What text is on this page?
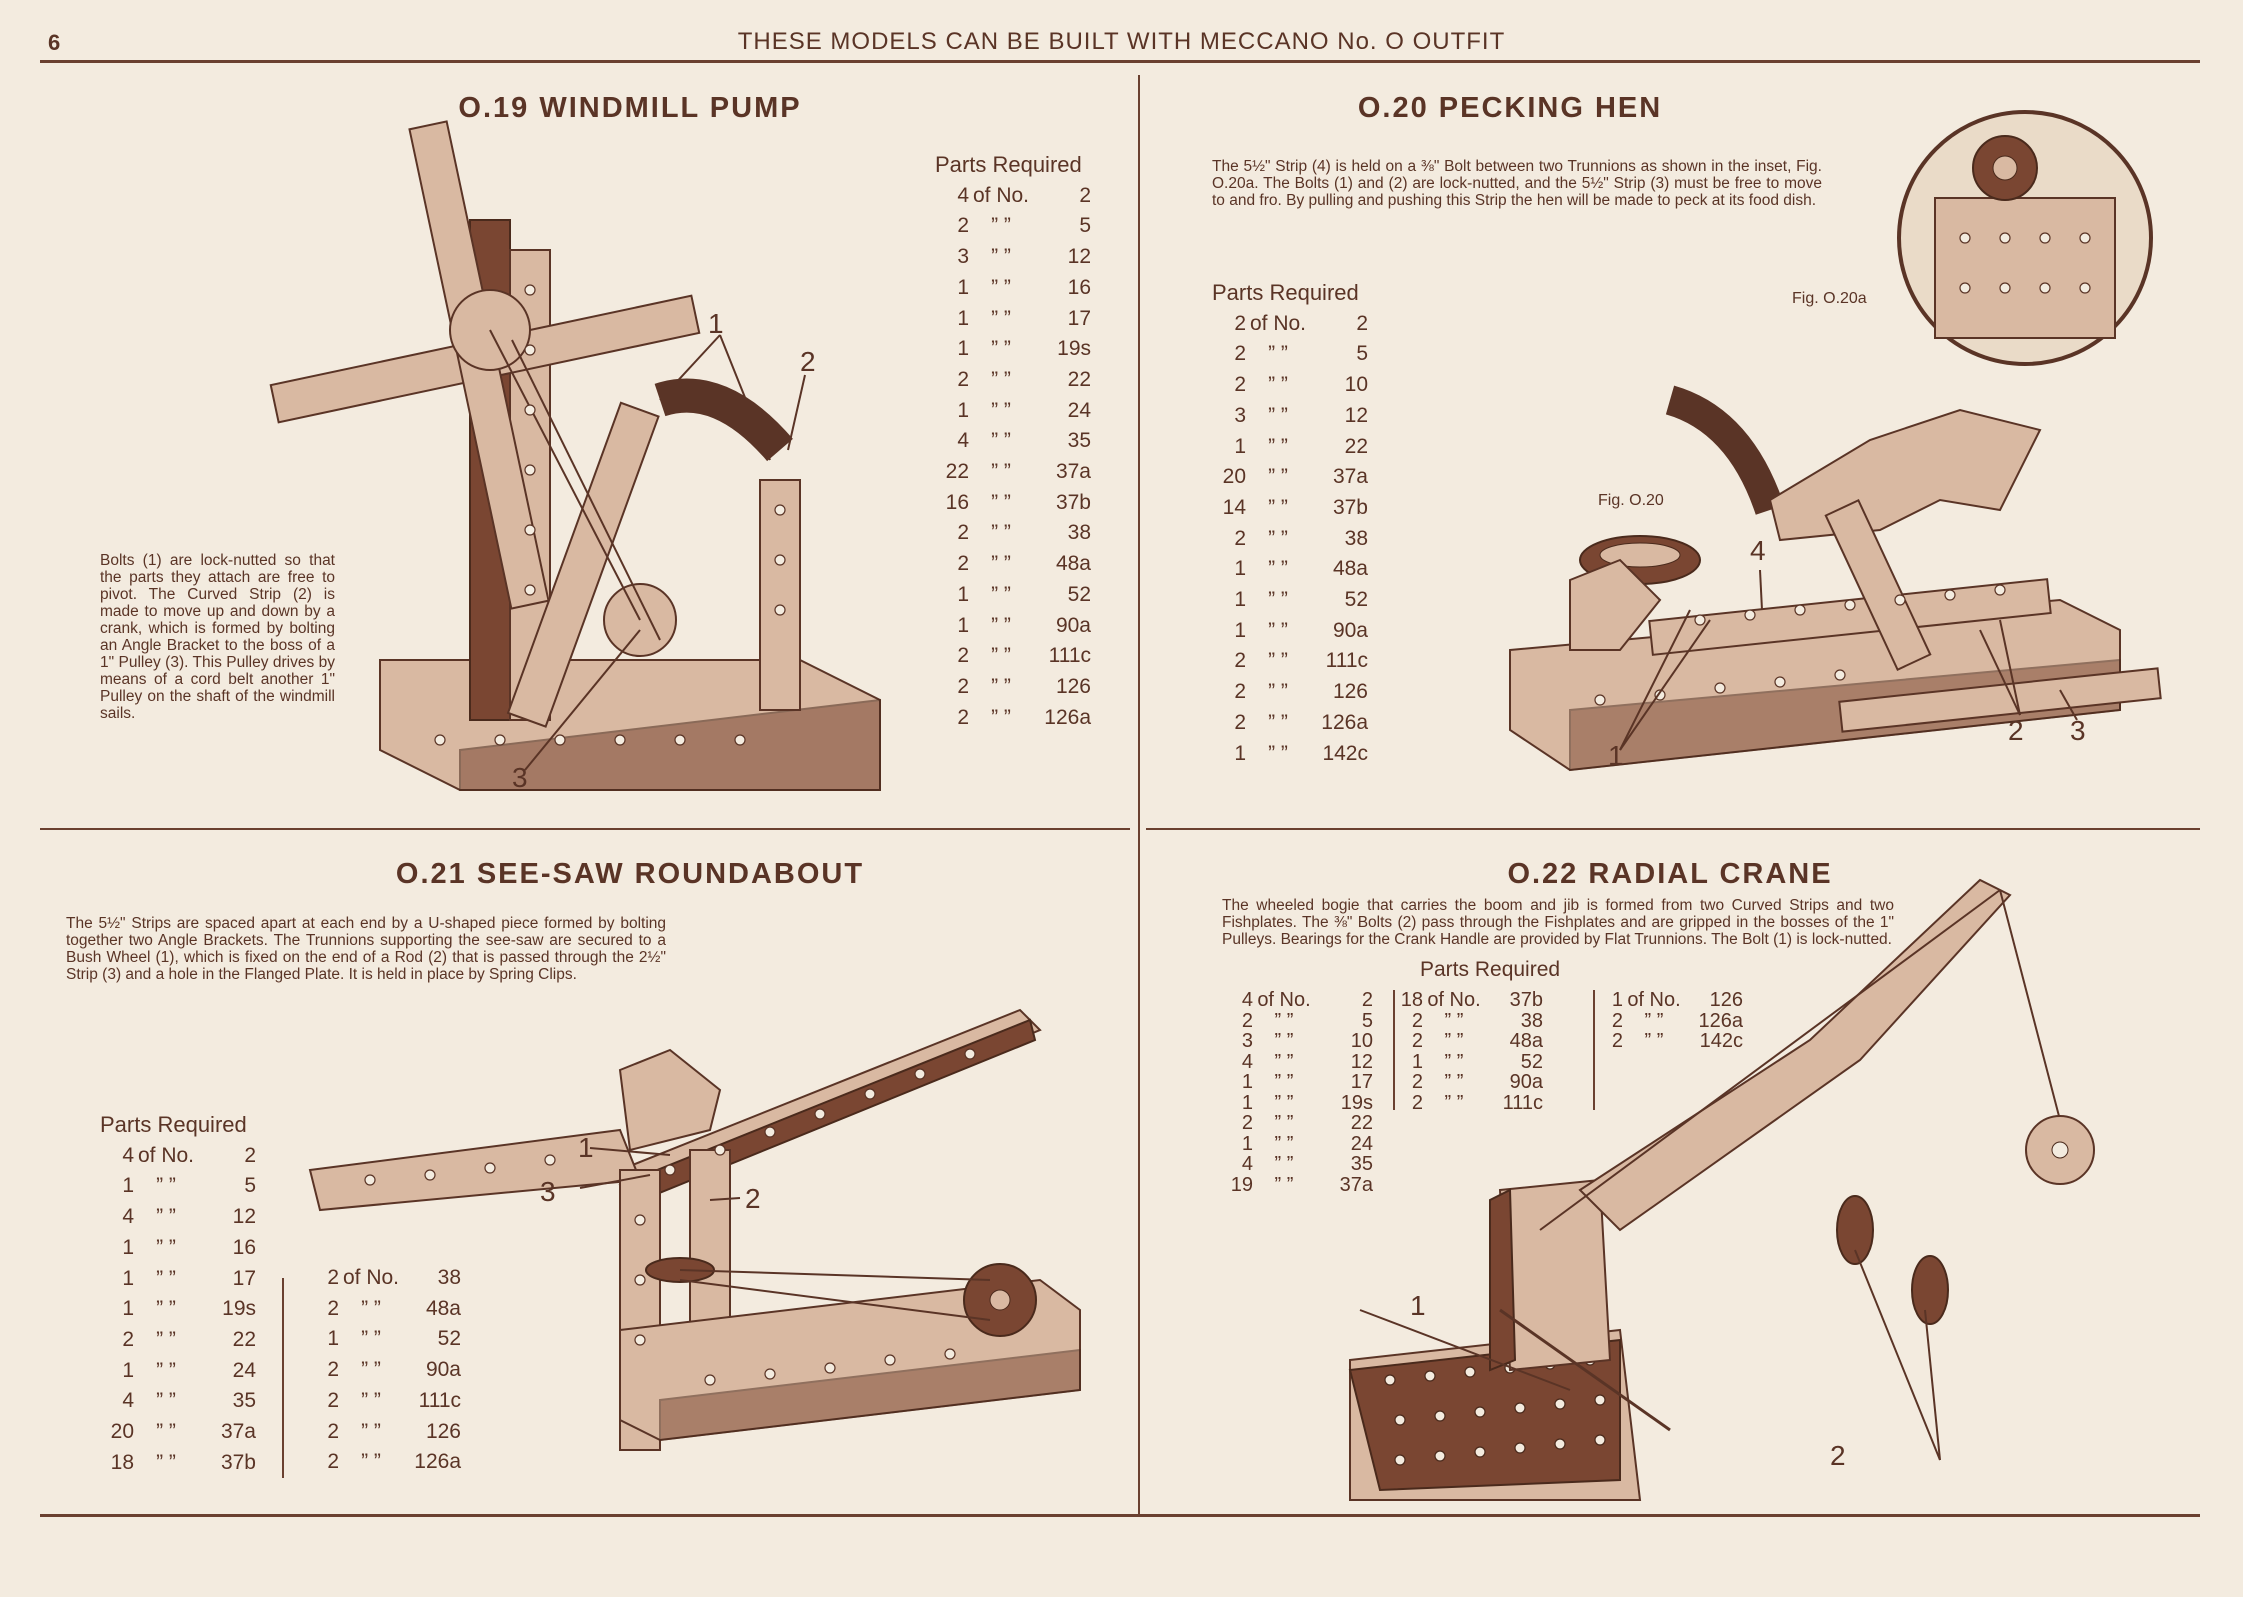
6	THESE MODELS CAN BE BUILT WITH MECCANO No. O OUTFIT
O.19 WINDMILL PUMP
Bolts (1) are lock-nutted so that the parts they attach are free to pivot. The Curved Strip (2) is made to move up and down by a crank, which is formed by bolting an Angle Bracket to the boss of a 1" Pulley (3). This Pulley drives by means of a cord belt another 1" Pulley on the shaft of the windmill sails.
1
2
3
Parts Required
4 of No.	2
2	” ”	5
3	” ”	12
1	” ”	16
1	” ”	17
1	” ”	19s
2	” ”	22
1	” ”	24
4	” ”	35
22	” ”	37a
16	” ”	37b
2	” ”	38
2	” ”	48a
1	” ”	52
1	” ”	90a
2	” ”	111c
2	” ”	126
2	” ”	126a
O.20 PECKING HEN
The 5½" Strip (4) is held on a ⅜" Bolt between two Trunnions as shown in the inset, Fig. O.20a. The Bolts (1) and (2) are lock-nutted, and the 5½" Strip (3) must be free to move to and fro. By pulling and pushing this Strip the hen will be made to peck at its food dish.
Parts Required
2 of No.	2
2	” ”	5
2	” ”	10
3	” ”	12
1	” ”	22
20	” ”	37a
14	” ”	37b
2	” ”	38
1	” ”	48a
1	” ”	52
1	” ”	90a
2	” ”	111c
2	” ”	126
2	” ”	126a
1	” ”	142c
Fig. O.20a
Fig. O.20
1
2 3
4
O.21 SEE-SAW ROUNDABOUT
The 5½" Strips are spaced apart at each end by a U-shaped piece formed by bolting together two Angle Brackets. The Trunnions supporting the see-saw are secured to a Bush Wheel (1), which is fixed on the end of a Rod (2) that is passed through the 2½" Strip (3) and a hole in the Flanged Plate. It is held in place by Spring Clips.
Parts Required
4 of No.	2
1	” ”	5
4	” ”	12
1	” ”	16
1	” ”	17
1	” ”	19s
2	” ”	22
1	” ”	24
4	” ”	35
20	” ”	37a
18	” ”	37b
2 of No.	38
2	” ”	48a
1	” ”	52
2	” ”	90a
2	” ”	111c
2	” ”	126
2	” ”	126a
1
2
3
O.22 RADIAL CRANE
The wheeled bogie that carries the boom and jib is formed from two Curved Strips and two Fishplates. The ⅜" Bolts (2) pass through the Fishplates and are gripped in the bosses of the 1" Pulleys. Bearings for the Crank Handle are provided by Flat Trunnions. The Bolt (1) is lock-nutted.
Parts Required
4 of No.	2
2	” ”	5
3	” ”	10
4	” ”	12
1	” ”	17
1	” ”	19s
2	” ”	22
1	” ”	24
4	” ”	35
19	” ”	37a
18 of No.	37b
2	” ”	38
2	” ”	48a
1	” ”	52
2	” ”	90a
2	” ”	111c
1 of No.	126
2	” ”	126a
2	” ”	142c
1
2
